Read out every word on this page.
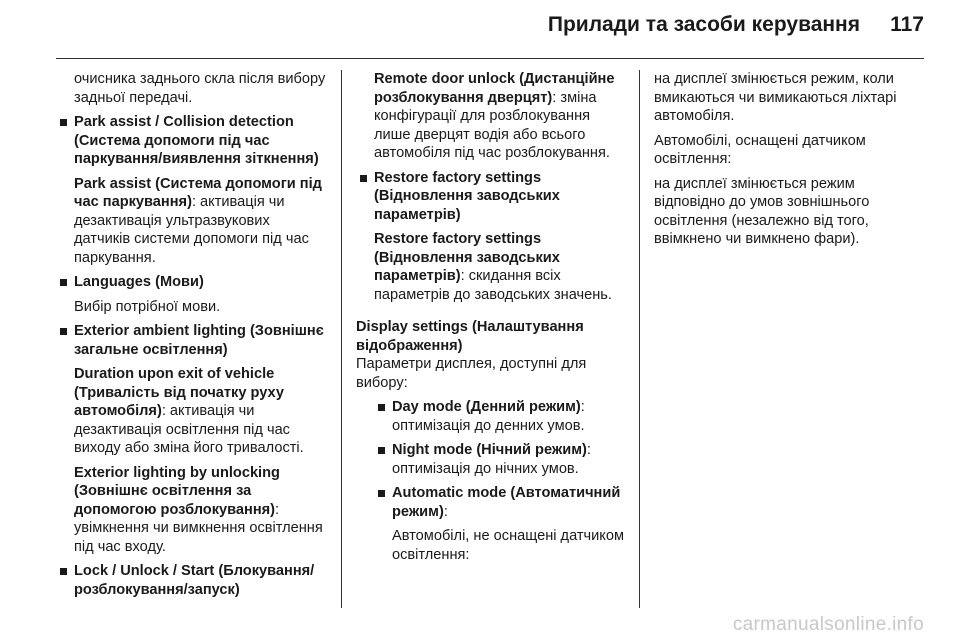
Прилади та засоби керування 117

очисника заднього скла після вибору задньої передачі.

Park assist / Collision detection (Система допомоги під час паркування/виявлення зіткнення)

Park assist (Система допомоги під час паркування): активація чи дезактивація ультразвукових датчиків системи допомоги під час паркування.

Languages (Мови)

Вибір потрібної мови.

Exterior ambient lighting (Зовнішнє загальне освітлення)

Duration upon exit of vehicle (Тривалість від початку руху автомобіля): активація чи дезактивація освітлення під час виходу або зміна його тривалості.

Exterior lighting by unlocking (Зовнішнє освітлення за допомогою розблокування): увімкнення чи вимкнення освітлення під час входу.

Lock / Unlock / Start (Блокування/розблокування/запуск)

Remote door unlock (Дистанційне розблокування дверцят): зміна конфігурації для розблокування лише дверцят водія або всього автомобіля під час розблокування.

Restore factory settings (Відновлення заводських параметрів)

Restore factory settings (Відновлення заводських параметрів): скидання всіх параметрів до заводських значень.

Display settings (Налаштування відображення)

Параметри дисплея, доступні для вибору:

Day mode (Денний режим):
оптимізація до денних умов.
Night mode (Нічний режим):
оптимізація до нічних умов.
Automatic mode (Автоматичний режим):
Автомобілі, не оснащені датчиком освітлення:

на дисплеї змінюється режим, коли вмикаються чи вимикаються ліхтарі автомобіля.

Автомобілі, оснащені датчиком освітлення:

на дисплеї змінюється режим відповідно до умов зовнішнього освітлення (незалежно від того, ввімкнено чи вимкнено фари).

carmanualsonline.info
